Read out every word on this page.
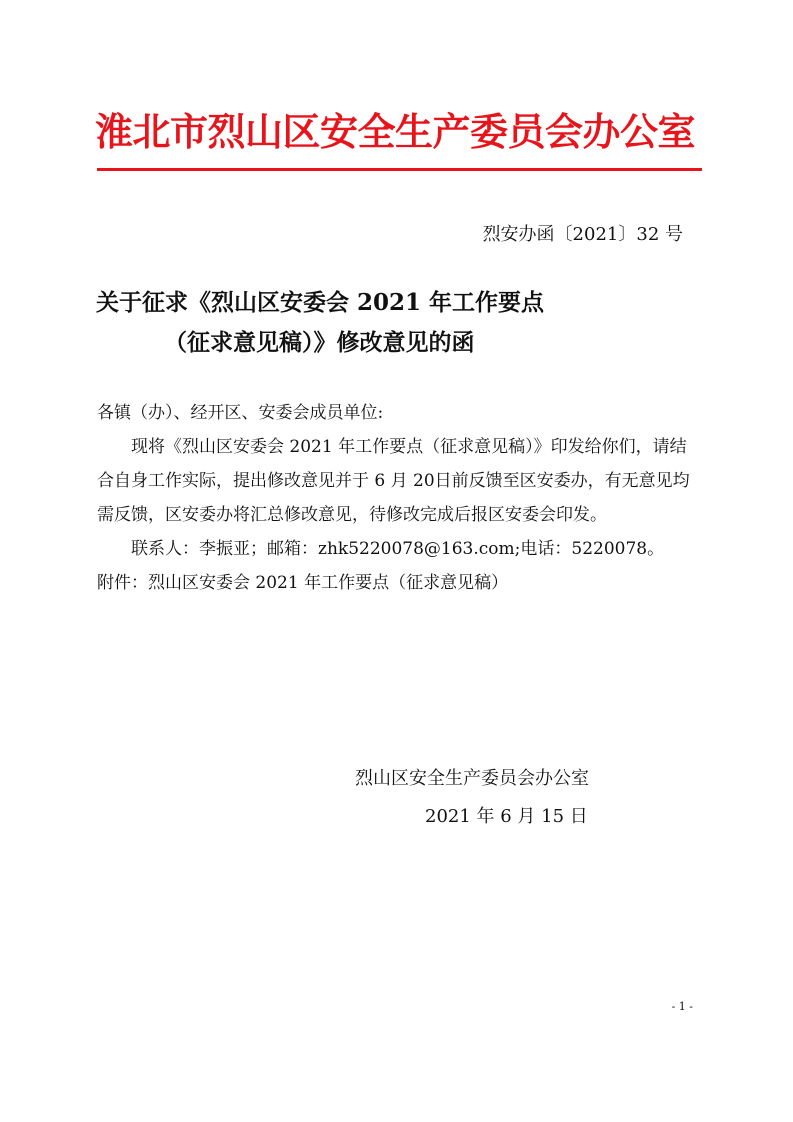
淮北市烈山区安全生产委员会办公室
烈安办函〔2021〕32 号
关于征求《烈山区安委会 2021 年工作要点
（征求意见稿）》修改意见的函

各镇（办）、经开区、安委会成员单位:

现将《烈山区安委会 2021 年工作要点（征求意见稿）》印发给你们，请结合自身工作实际，提出修改意见并于 6 月 20日前反馈至区安委办，有无意见均需反馈，区安委办将汇总修改意见，待修改完成后报区安委会印发。

联系人：李振亚；邮箱：zhk5220078@163.com;电话：5220078。

附件：烈山区安委会 2021 年工作要点（征求意见稿）

烈山区安全生产委员会办公室
2021 年 6 月 15 日
- 1 -
